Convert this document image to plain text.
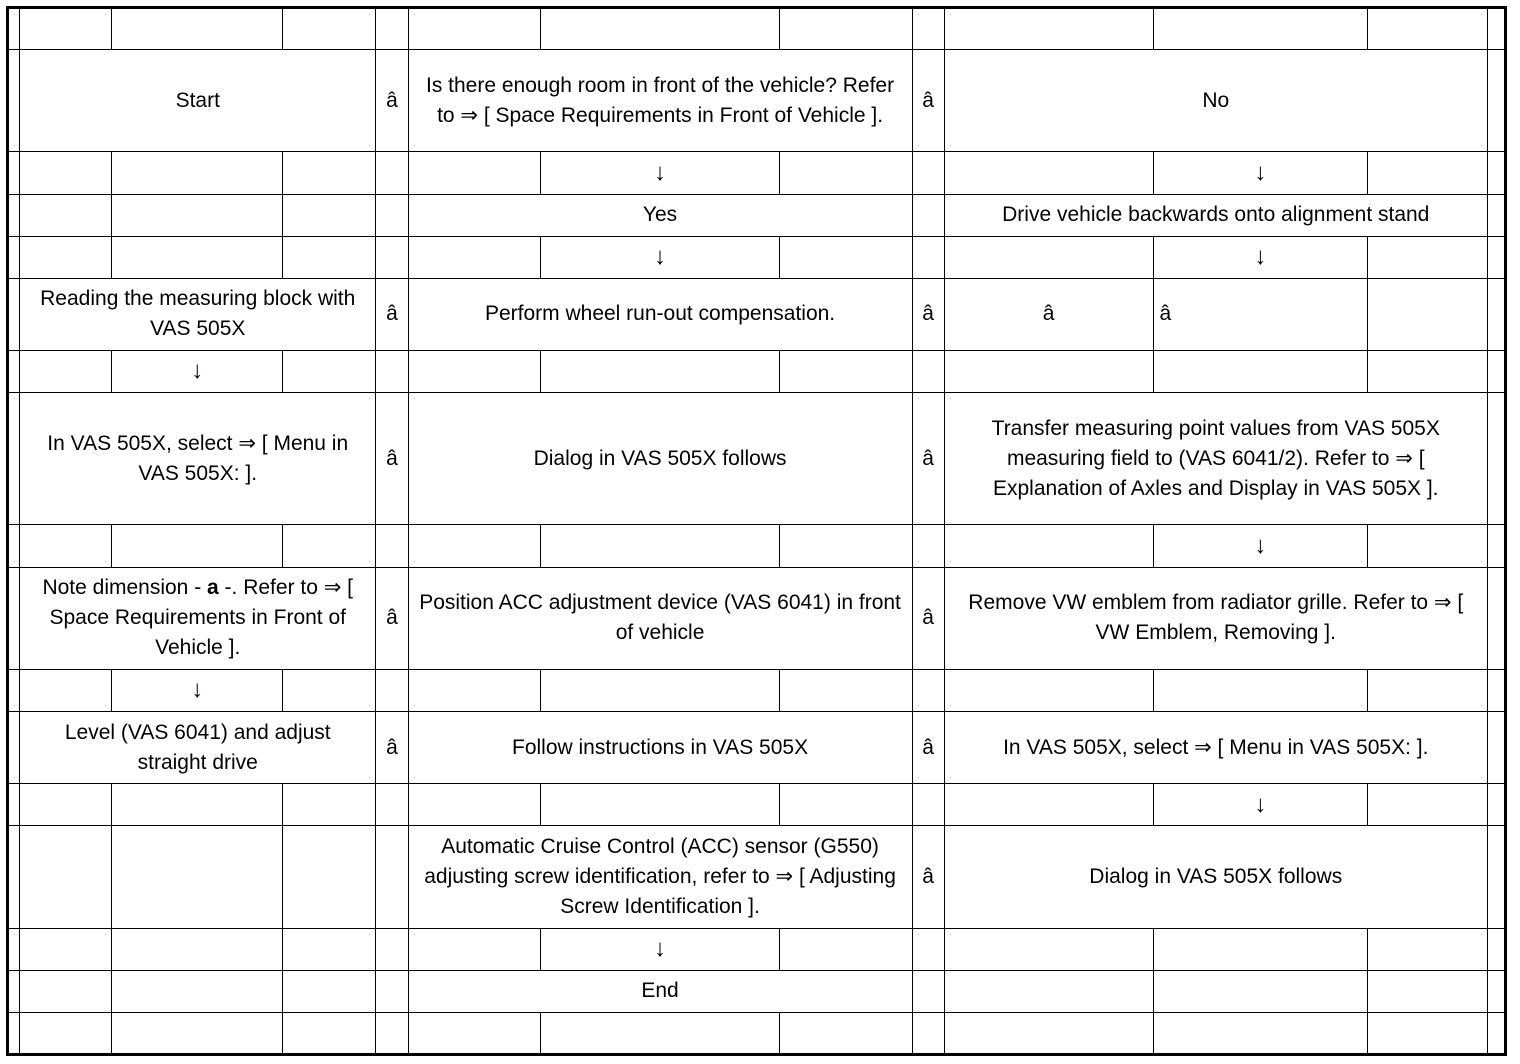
	Start			â	Is there enough room in front of the vehicle? Refer to ⇒ [ Space Requirements in Front of Vehicle ].			â	No			
						↓				↓		
					Yes				Drive vehicle backwards onto alignment stand			
						↓				↓		
	Reading the measuring block with VAS 505X			â	Perform wheel run-out compensation.			â	â	â		
		↓										
	In VAS 505X, select ⇒ [ Menu in VAS 505X: ].			â	Dialog in VAS 505X follows			â	Transfer measuring point values from VAS 505X measuring field to (VAS 6041/2). Refer to ⇒ [ Explanation of Axles and Display in VAS 505X ].			
										↓		
	Note dimension - a -. Refer to ⇒ [ Space Requirements in Front of Vehicle ].			â	Position ACC adjustment device (VAS 6041) in front of vehicle			â	Remove VW emblem from radiator grille. Refer to ⇒ [ VW Emblem, Removing ].			
		↓										
	Level (VAS 6041) and adjust straight drive			â	Follow instructions in VAS 505X			â	In VAS 505X, select ⇒ [ Menu in VAS 505X: ].			
										↓		
					Automatic Cruise Control (ACC) sensor (G550) adjusting screw identification, refer to ⇒ [ Adjusting Screw Identification ].			â	Dialog in VAS 505X follows			
						↓						
					End							
